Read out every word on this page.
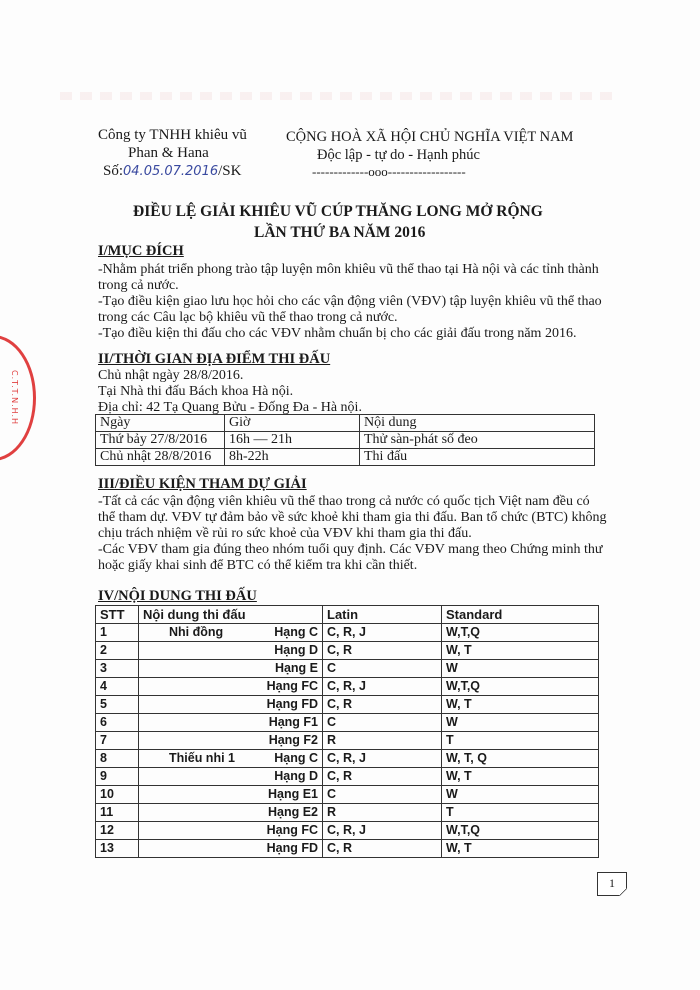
C.T.T.N.H.H
Công ty TNHH khiêu vũ
Phan & Hana
Số:04.05.07.2016/SK
CỘNG HOÀ XÃ HỘI CHỦ NGHĨA VIỆT NAM
Độc lập - tự do - Hạnh phúc
-------------ooo------------------
ĐIỀU LỆ GIẢI KHIÊU VŨ CÚP THĂNG LONG MỞ RỘNG
LẦN THỨ BA NĂM 2016
I/MỤC ĐÍCH
-Nhằm phát triển phong trào tập luyện môn khiêu vũ thể thao tại Hà nội và các tỉnh thành
trong cả nước.
-Tạo điều kiện giao lưu học hỏi cho các vận động viên (VĐV) tập luyện khiêu vũ thể thao
trong các Câu lạc bộ khiêu vũ thể thao trong cả nước.
-Tạo điều kiện thi đấu cho các VĐV nhằm chuẩn bị cho các giải đấu trong năm 2016.
II/THỜI GIAN ĐỊA ĐIỂM THI ĐẤU
Chủ nhật ngày 28/8/2016.
Tại Nhà thi đấu Bách khoa Hà nội.
Địa chỉ: 42 Tạ Quang Bửu - Đống Đa - Hà nội.
Ngày	Giờ	Nội dung
Thứ bảy 27/8/2016	16h — 21h	Thử sàn-phát số đeo
Chủ nhật 28/8/2016	8h-22h	Thi đấu
III/ĐIỀU KIỆN THAM DỰ GIẢI
-Tất cả các vận động viên khiêu vũ thể thao trong cả nước có quốc tịch Việt nam đều có
thể tham dự. VĐV tự đảm bảo về sức khoẻ khi tham gia thi đấu. Ban tổ chức (BTC) không
chịu trách nhiệm về rủi ro sức khoẻ của VĐV khi tham gia thi đấu.
-Các VĐV tham gia đúng theo nhóm tuổi quy định. Các VĐV mang theo Chứng minh thư
hoặc giấy khai sinh để BTC có thể kiểm tra khi cần thiết.
IV/NỘI DUNG THI ĐẤU
STT	Nội dung thi đấu	Latin	Standard
1	Nhi đồng Hạng C	C, R, J	W,T,Q
2	Hạng D	C, R	W, T
3	Hạng E	C	W
4	Hạng FC	C, R, J	W,T,Q
5	Hạng FD	C, R	W, T
6	Hạng F1	C	W
7	Hạng F2	R	T
8	Thiếu nhi 1 Hạng C	C, R, J	W, T, Q
9	Hạng D	C, R	W, T
10	Hạng E1	C	W
11	Hạng E2	R	T
12	Hạng FC	C, R, J	W,T,Q
13	Hạng FD	C, R	W, T
1
